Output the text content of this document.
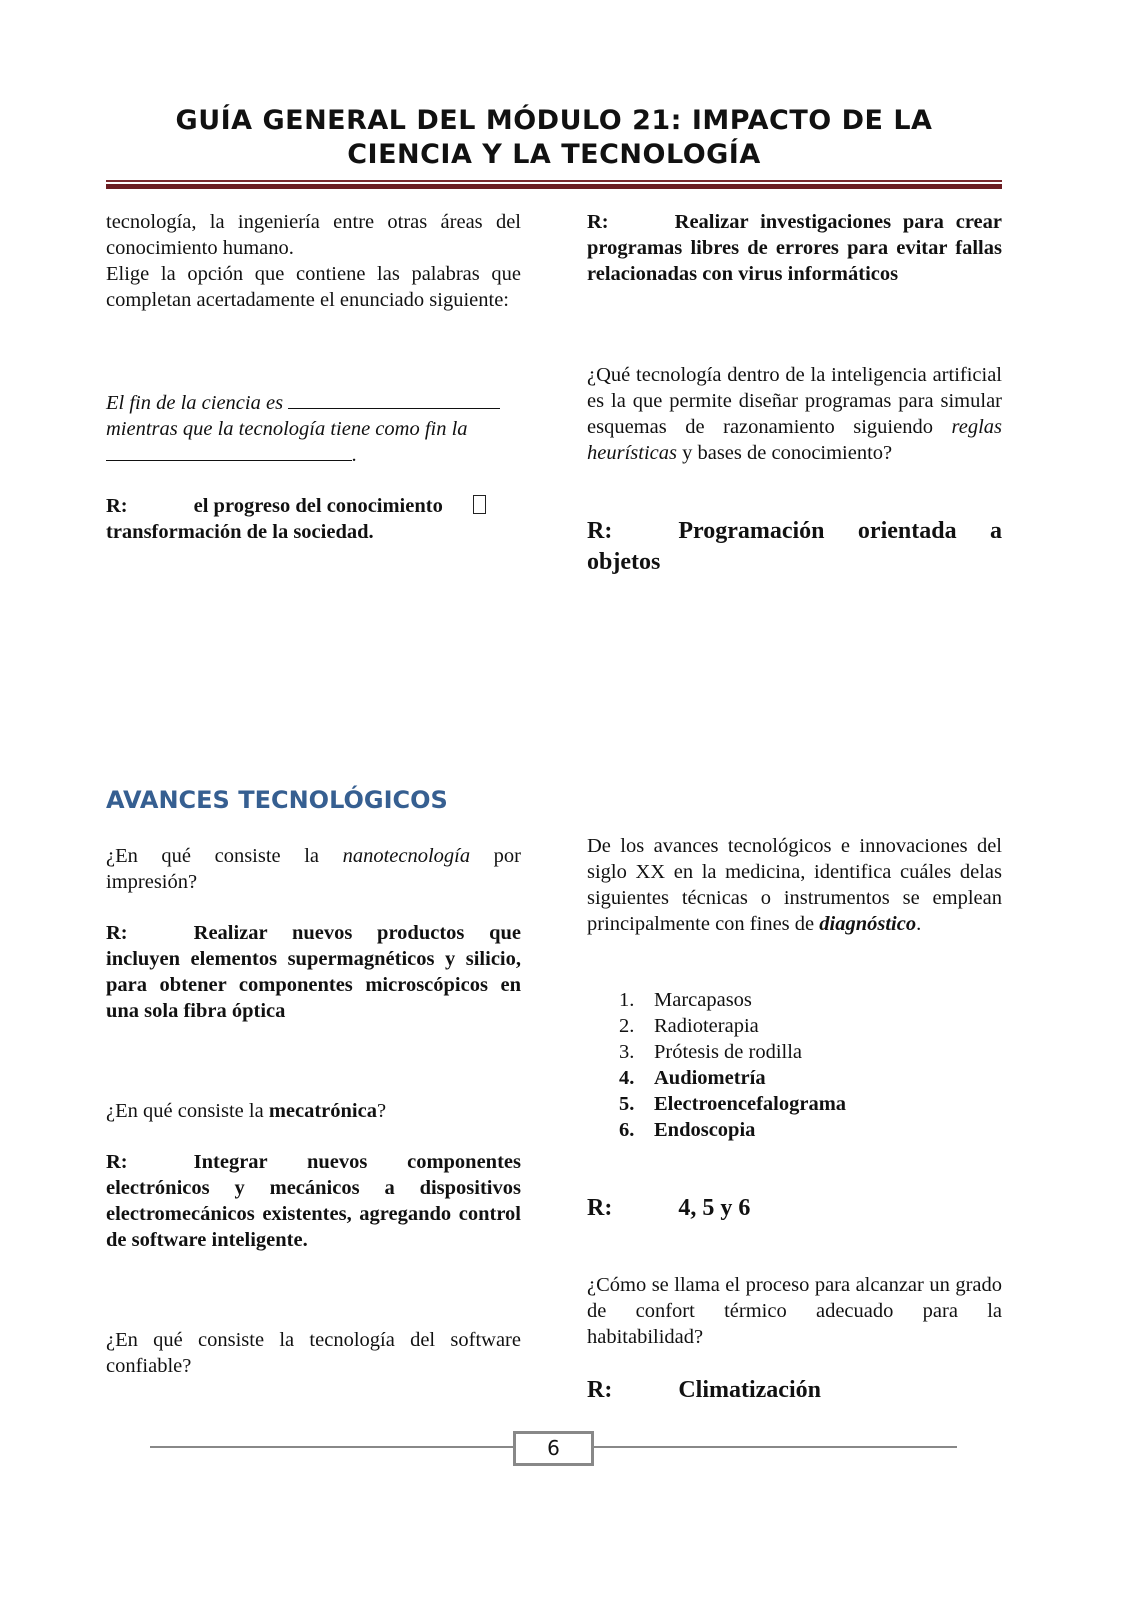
GUÍA GENERAL DEL MÓDULO 21: IMPACTO DE LA
CIENCIA Y LA TECNOLOGÍA
tecnología, la ingeniería entre otras áreas del conocimiento humano.
Elige la opción que contiene las palabras que completan acertadamente el enunciado siguiente:
El fin de la ciencia es
mientras que la tecnología tiene como fin la
.
R:	el progreso del conocimiento
transformación de la sociedad.
R:	Realizar investigaciones para crear programas libres de errores para evitar fallas relacionadas con virus informáticos
¿Qué tecnología dentro de la inteligencia artificial es la que permite diseñar programas para simular esquemas de razonamiento siguiendo reglas heurísticas y bases de conocimiento?
R:	Programación orientada a objetos
AVANCES TECNOLÓGICOS
¿En qué consiste la nanotecnología por impresión?
R:	Realizar nuevos productos que incluyen elementos supermagnéticos y silicio, para obtener componentes microscópicos en una sola fibra óptica
¿En qué consiste la mecatrónica?
R:	Integrar nuevos componentes electrónicos y mecánicos a dispositivos electromecánicos existentes, agregando control de software inteligente.
¿En qué consiste la tecnología del software confiable?
De los avances tecnológicos e innovaciones del siglo XX en la medicina, identifica cuáles delas siguientes técnicas o instrumentos se emplean principalmente con fines de diagnóstico.
1. Marcapasos
2. Radioterapia
3. Prótesis de rodilla
4. Audiometría
5. Electroencefalograma
6. Endoscopia
R:	4, 5 y 6
¿Cómo se llama el proceso para alcanzar un grado de confort térmico adecuado para la habitabilidad?
R:	Climatización
6
